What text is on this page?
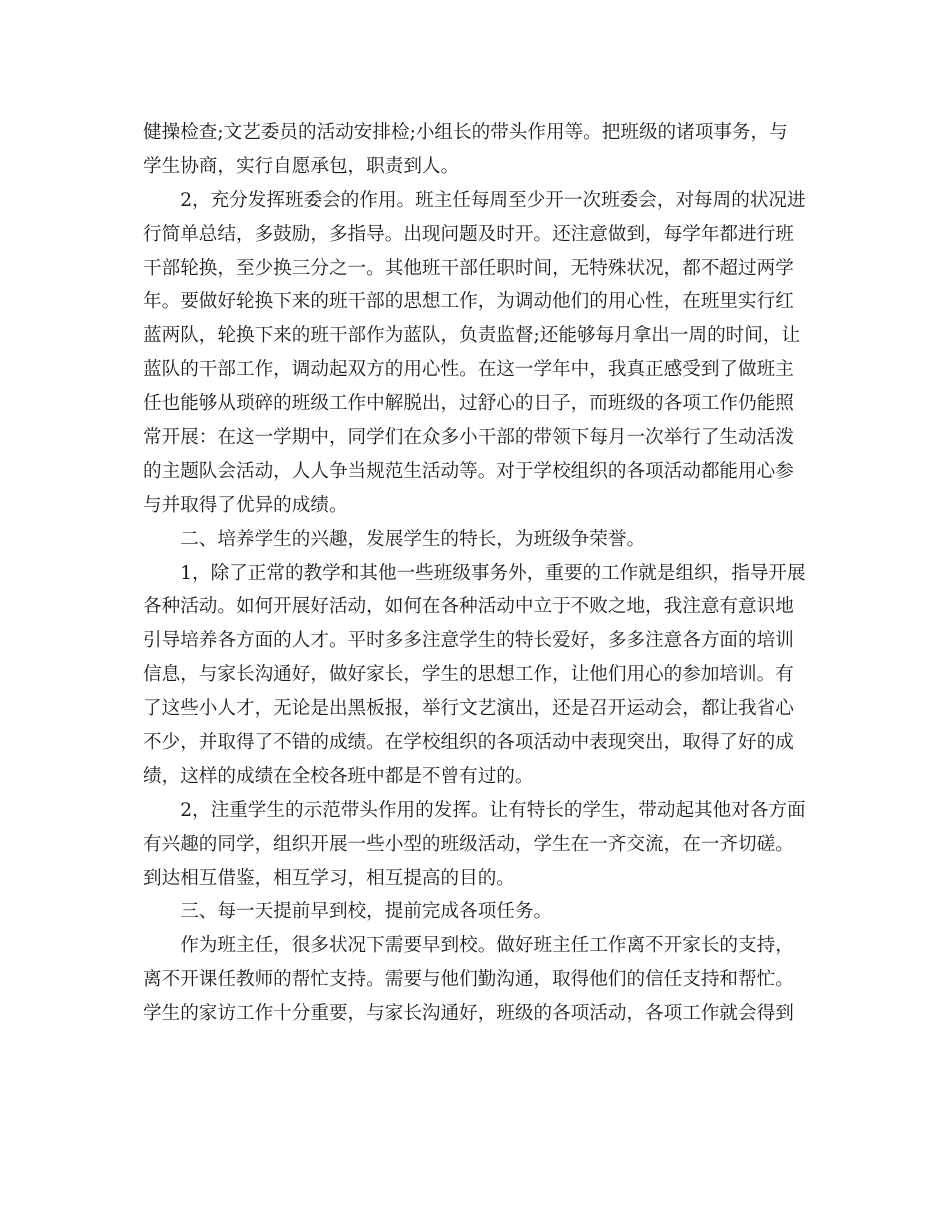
健操检查;文艺委员的活动安排检;小组长的带头作用等。把班级的诸项事务，与
学生协商，实行自愿承包，职责到人。
　　2，充分发挥班委会的作用。班主任每周至少开一次班委会，对每周的状况进
行简单总结，多鼓励，多指导。出现问题及时开。还注意做到，每学年都进行班
干部轮换，至少换三分之一。其他班干部任职时间，无特殊状况，都不超过两学
年。要做好轮换下来的班干部的思想工作，为调动他们的用心性，在班里实行红
蓝两队，轮换下来的班干部作为蓝队，负责监督;还能够每月拿出一周的时间，让
蓝队的干部工作，调动起双方的用心性。在这一学年中，我真正感受到了做班主
任也能够从琐碎的班级工作中解脱出，过舒心的日子，而班级的各项工作仍能照
常开展：在这一学期中，同学们在众多小干部的带领下每月一次举行了生动活泼
的主题队会活动，人人争当规范生活动等。对于学校组织的各项活动都能用心参
与并取得了优异的成绩。
　　二、培养学生的兴趣，发展学生的特长，为班级争荣誉。
　　1，除了正常的教学和其他一些班级事务外，重要的工作就是组织，指导开展
各种活动。如何开展好活动，如何在各种活动中立于不败之地，我注意有意识地
引导培养各方面的人才。平时多多注意学生的特长爱好，多多注意各方面的培训
信息，与家长沟通好，做好家长，学生的思想工作，让他们用心的参加培训。有
了这些小人才，无论是出黑板报，举行文艺演出，还是召开运动会，都让我省心
不少，并取得了不错的成绩。在学校组织的各项活动中表现突出，取得了好的成
绩，这样的成绩在全校各班中都是不曾有过的。
　　2，注重学生的示范带头作用的发挥。让有特长的学生，带动起其他对各方面
有兴趣的同学，组织开展一些小型的班级活动，学生在一齐交流，在一齐切磋。
到达相互借鉴，相互学习，相互提高的目的。
　　三、每一天提前早到校，提前完成各项任务。
　　作为班主任，很多状况下需要早到校。做好班主任工作离不开家长的支持，
离不开课任教师的帮忙支持。需要与他们勤沟通，取得他们的信任支持和帮忙。
学生的家访工作十分重要，与家长沟通好，班级的各项活动，各项工作就会得到
